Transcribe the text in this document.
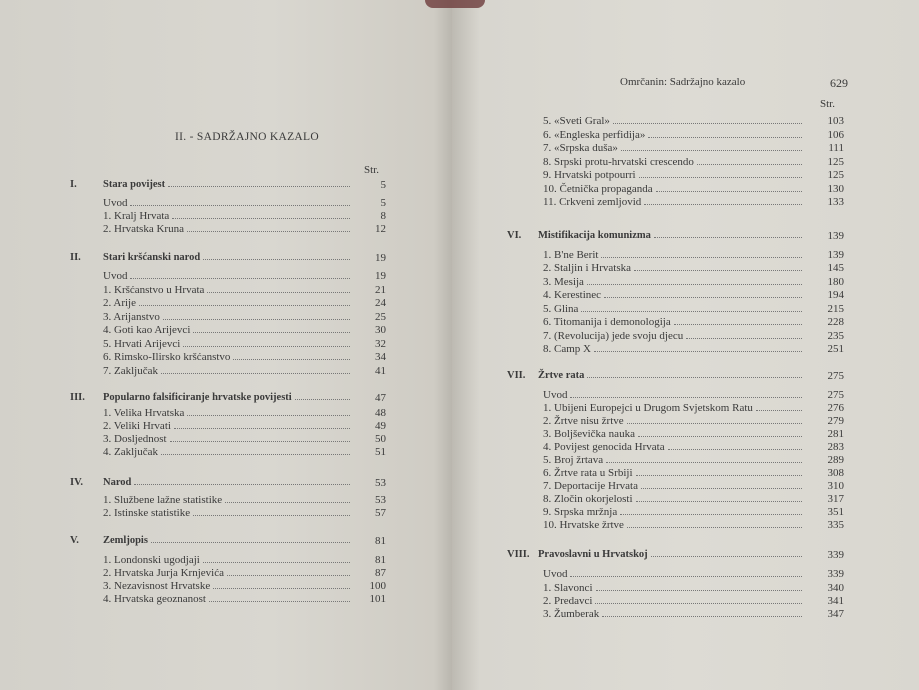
II. - SADRŽAJNO KAZALO
Str.
I.	Stara povijest	5
Uvod	5
1. Kralj Hrvata	8
2. Hrvatska Kruna	12
II. Stari kršćanski narod	19
Uvod	19
1. Kršćanstvo u Hrvata	21
2. Arije	24
3. Arijanstvo	25
4. Goti kao Arijevci	30
5. Hrvati Arijevci	32
6. Rimsko-Ilirsko kršćanstvo	34
7. Zaključak	41
III. Popularno falsificiranje hrvatske povijesti	47
1. Velika Hrvatska	48
2. Veliki Hrvati	49
3. Dosljednost	50
4. Zaključak	51
IV. Narod	53
1. Službene lažne statistike	53
2. Istinske statistike	57
V. Zemljopis	81
1. Londonski ugodjaji	81
2. Hrvatska Jurja Krnjevića	87
3. Nezavisnost Hrvatske	100
4. Hrvatska geoznanost	101
Omrčanin: Sadržajno kazalo	629
Str.
5. «Sveti Gral»	103
6. «Engleska perfidija»	106
7. «Srpska duša»	111
8. Srpski protu-hrvatski crescendo	125
9. Hrvatski potpourri	125
10. Četnička propaganda	130
11. Crkveni zemljovid	133
VI. Mistifikacija komunizma	139
1. B'ne Berit	139
2. Staljin i Hrvatska	145
3. Mesija	180
4. Kerestinec	194
5. Glina	215
6. Titomanija i demonologija	228
7. (Revolucija) jede svoju djecu	235
8. Camp X	251
VII. Žrtve rata	275
Uvod	275
1. Ubijeni Europejci u Drugom Svjetskom Ratu	276
2. Žrtve nisu žrtve	279
3. Boljševička nauka	281
4. Povijest genocida Hrvata	283
5. Broj žrtava	289
6. Žrtve rata u Srbiji	308
7. Deportacije Hrvata	310
8. Zločin okorjelosti	317
9. Srpska mržnja	351
10. Hrvatske žrtve	335
VIII. Pravoslavni u Hrvatskoj	339
Uvod	339
1. Slavonci	340
2. Predavci	341
3. Žumberak	347
